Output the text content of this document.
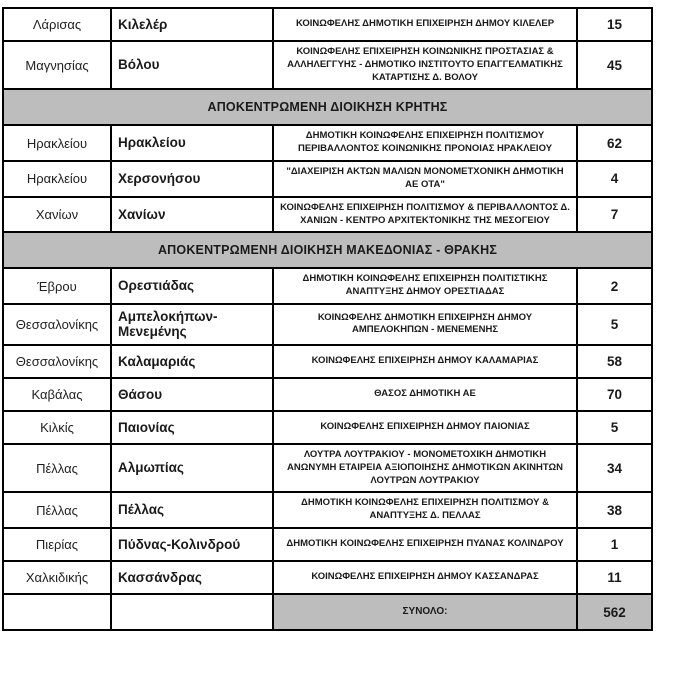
Λάρισας	Κιλελέρ	ΚΟΙΝΩΦΕΛΗΣ ΔΗΜΟΤΙΚΗ ΕΠΙΧΕΙΡΗΣΗ ΔΗΜΟΥ ΚΙΛΕΛΕΡ	15
Μαγνησίας	Βόλου	ΚΟΙΝΩΦΕΛΗΣ ΕΠΙΧΕΙΡΗΣΗ ΚΟΙΝΩΝΙΚΗΣ ΠΡΟΣΤΑΣΙΑΣ & ΑΛΛΗΛΕΓΓΥΗΣ - ΔΗΜΟΤΙΚΟ ΙΝΣΤΙΤΟΥΤΟ ΕΠΑΓΓΕΛΜΑΤΙΚΗΣ ΚΑΤΑΡΤΙΣΗΣ Δ. ΒΟΛΟΥ	45
ΑΠΟΚΕΝΤΡΩΜΕΝΗ ΔΙΟΙΚΗΣΗ ΚΡΗΤΗΣ			
Ηρακλείου	Ηρακλείου	ΔΗΜΟΤΙΚΗ ΚΟΙΝΩΦΕΛΗΣ ΕΠΙΧΕΙΡΗΣΗ ΠΟΛΙΤΙΣΜΟΥ ΠΕΡΙΒΑΛΛΟΝΤΟΣ ΚΟΙΝΩΝΙΚΗΣ ΠΡΟΝΟΙΑΣ ΗΡΑΚΛΕΙΟΥ	62
Ηρακλείου	Χερσονήσου	"ΔΙΑΧΕΙΡΙΣΗ ΑΚΤΩΝ ΜΑΛΙΩΝ ΜΟΝΟΜΕΤΧΟΝΙΚΗ ΔΗΜΟΤΙΚΗ ΑΕ ΟΤΑ"	4
Χανίων	Χανίων	ΚΟΙΝΩΦΕΛΗΣ ΕΠΙΧΕΙΡΗΣΗ ΠΟΛΙΤΙΣΜΟΥ & ΠΕΡΙΒΑΛΛΟΝΤΟΣ Δ. ΧΑΝΙΩΝ - ΚΕΝΤΡΟ ΑΡΧΙΤΕΚΤΟΝΙΚΗΣ ΤΗΣ ΜΕΣΟΓΕΙΟΥ	7
ΑΠΟΚΕΝΤΡΩΜΕΝΗ ΔΙΟΙΚΗΣΗ ΜΑΚΕΔΟΝΙΑΣ - ΘΡΑΚΗΣ			
Έβρου	Ορεστιάδας	ΔΗΜΟΤΙΚΗ ΚΟΙΝΩΦΕΛΗΣ ΕΠΙΧΕΙΡΗΣΗ ΠΟΛΙΤΙΣΤΙΚΗΣ ΑΝΑΠΤΥΞΗΣ ΔΗΜΟΥ ΟΡΕΣΤΙΑΔΑΣ	2
Θεσσαλονίκης	Αμπελοκήπων-Μενεμένης	ΚΟΙΝΩΦΕΛΗΣ ΔΗΜΟΤΙΚΗ ΕΠΙΧΕΙΡΗΣΗ ΔΗΜΟΥ ΑΜΠΕΛΟΚΗΠΩΝ - ΜΕΝΕΜΕΝΗΣ	5
Θεσσαλονίκης	Καλαμαριάς	ΚΟΙΝΩΦΕΛΗΣ ΕΠΙΧΕΙΡΗΣΗ ΔΗΜΟΥ ΚΑΛΑΜΑΡΙΑΣ	58
Καβάλας	Θάσου	ΘΑΣΟΣ ΔΗΜΟΤΙΚΗ ΑΕ	70
Κιλκίς	Παιονίας	ΚΟΙΝΩΦΕΛΗΣ ΕΠΙΧΕΙΡΗΣΗ ΔΗΜΟΥ ΠΑΙΟΝΙΑΣ	5
Πέλλας	Αλμωπίας	ΛΟΥΤΡΑ ΛΟΥΤΡΑΚΙΟΥ - ΜΟΝΟΜΕΤΟΧΙΚΗ ΔΗΜΟΤΙΚΗ ΑΝΩΝΥΜΗ ΕΤΑΙΡΕΙΑ ΑΞΙΟΠΟΙΗΣΗΣ ΔΗΜΟΤΙΚΩΝ ΑΚΙΝΗΤΩΝ ΛΟΥΤΡΩΝ ΛΟΥΤΡΑΚΙΟΥ	34
Πέλλας	Πέλλας	ΔΗΜΟΤΙΚΗ ΚΟΙΝΩΦΕΛΗΣ ΕΠΙΧΕΙΡΗΣΗ ΠΟΛΙΤΙΣΜΟΥ & ΑΝΑΠΤΥΞΗΣ Δ. ΠΕΛΛΑΣ	38
Πιερίας	Πύδνας-Κολινδρού	ΔΗΜΟΤΙΚΗ ΚΟΙΝΩΦΕΛΗΣ ΕΠΙΧΕΙΡΗΣΗ ΠΥΔΝΑΣ ΚΟΛΙΝΔΡΟΥ	1
Χαλκιδικής	Κασσάνδρας	ΚΟΙΝΩΦΕΛΗΣ ΕΠΙΧΕΙΡΗΣΗ ΔΗΜΟΥ ΚΑΣΣΑΝΔΡΑΣ	11
		ΣΥΝΟΛΟ:	562
